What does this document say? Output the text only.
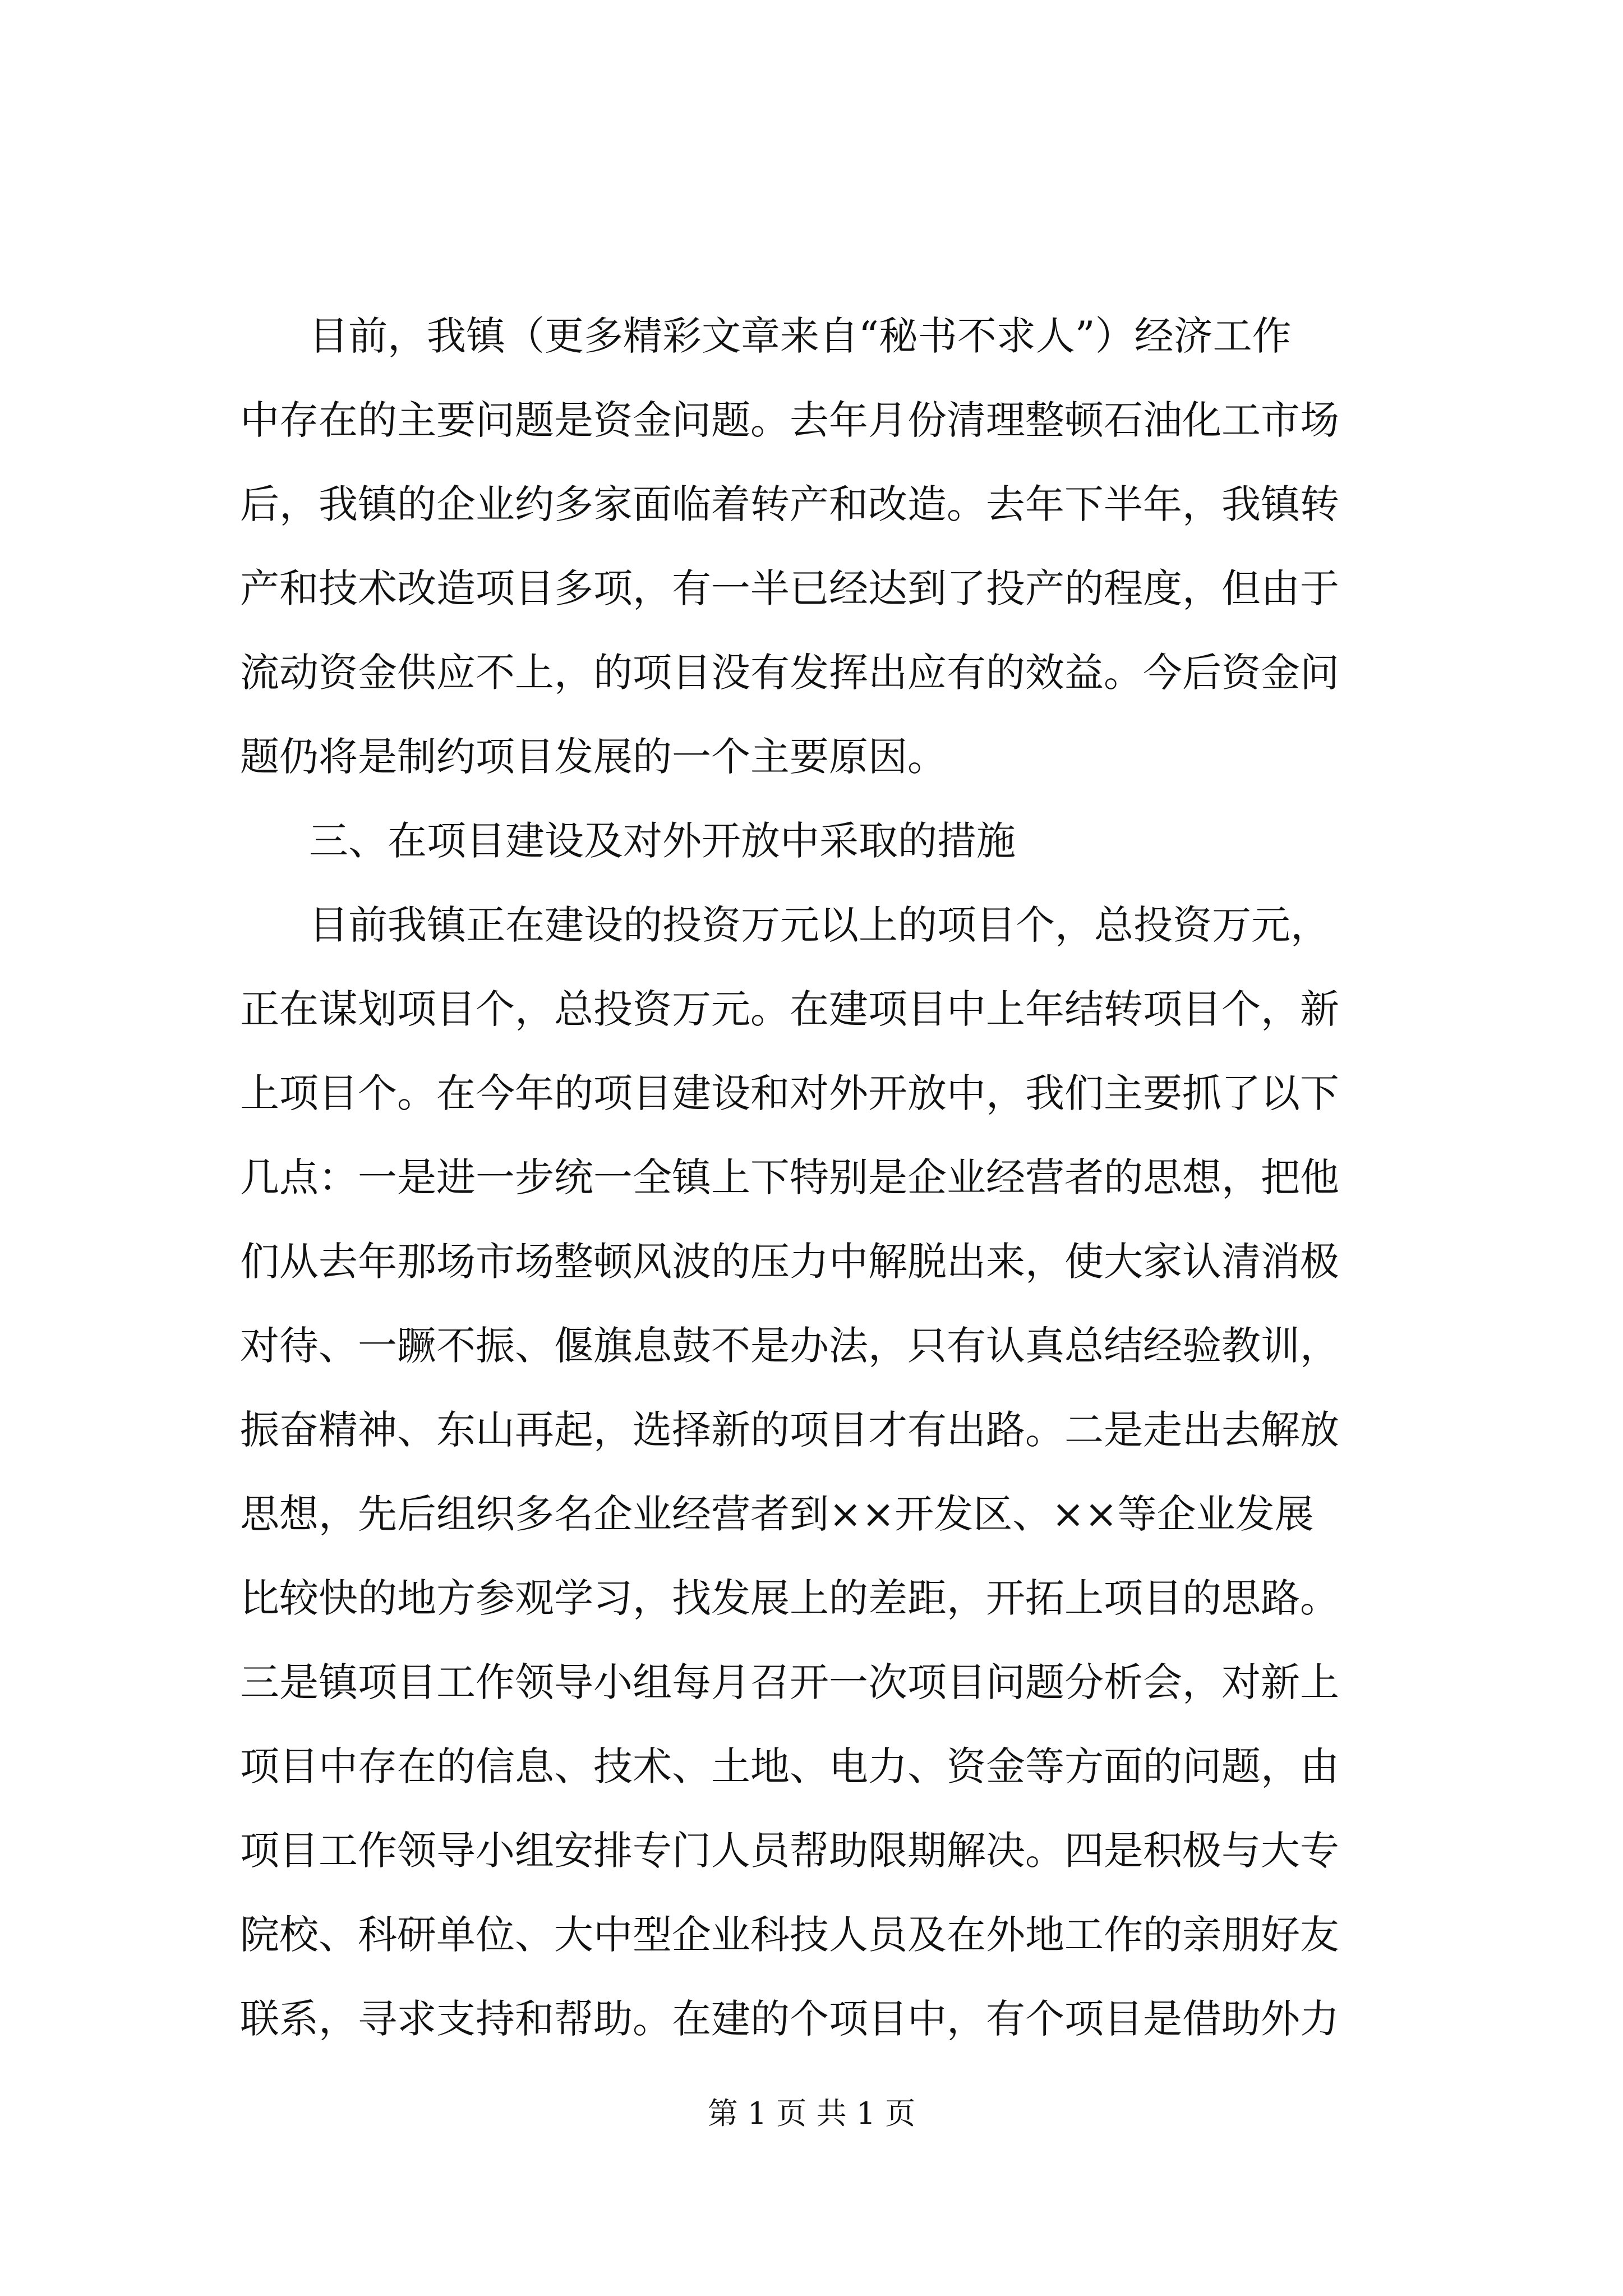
目前，我镇（更多精彩文章来自“秘书不求人”）经济工作
中存在的主要问题是资金问题。去年月份清理整顿石油化工市场
后，我镇的企业约多家面临着转产和改造。去年下半年，我镇转
产和技术改造项目多项，有一半已经达到了投产的程度，但由于
流动资金供应不上，的项目没有发挥出应有的效益。今后资金问
题仍将是制约项目发展的一个主要原因。
三、在项目建设及对外开放中采取的措施
目前我镇正在建设的投资万元以上的项目个，总投资万元，
正在谋划项目个，总投资万元。在建项目中上年结转项目个，新
上项目个。在今年的项目建设和对外开放中，我们主要抓了以下
几点：一是进一步统一全镇上下特别是企业经营者的思想，把他
们从去年那场市场整顿风波的压力中解脱出来，使大家认清消极
对待、一蹶不振、偃旗息鼓不是办法，只有认真总结经验教训，
振奋精神、东山再起，选择新的项目才有出路。二是走出去解放
思想，先后组织多名企业经营者到××开发区、××等企业发展
比较快的地方参观学习，找发展上的差距，开拓上项目的思路。
三是镇项目工作领导小组每月召开一次项目问题分析会，对新上
项目中存在的信息、技术、土地、电力、资金等方面的问题，由
项目工作领导小组安排专门人员帮助限期解决。四是积极与大专
院校、科研单位、大中型企业科技人员及在外地工作的亲朋好友
联系，寻求支持和帮助。在建的个项目中，有个项目是借助外力
第 1 页 共 1 页
